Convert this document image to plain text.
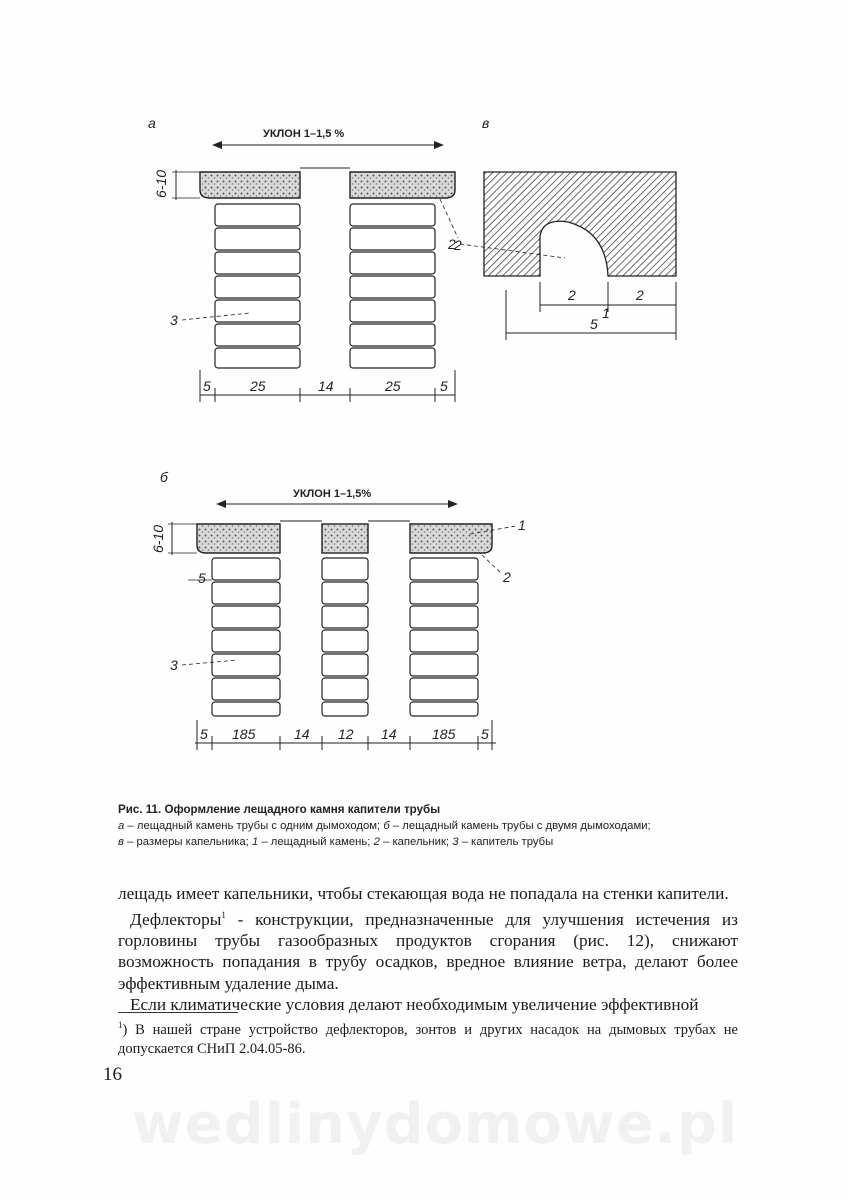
а
УКЛОН 1–1,5 %
6-10
3
2
5	25	14	25	5
в
2
2	2
1
5
б
УКЛОН 1–1,5%
6-10	1
2
5
3
5 185	14 12 14	185 5
Рис. 11. Оформление лещадного камня капители трубы
а – лещадный камень трубы с одним дымоходом; б – лещадный камень трубы с двумя дымоходами;
в – размеры капельника; 1 – лещадный камень; 2 – капельник; 3 – капитель трубы

лещадь имеет капельники, чтобы стекающая вода не попадала на стенки капители.

Дефлекторы$^1$ - конструкции, предназначенные для улучшения истечения из горловины трубы газообразных продуктов сгорания (рис. 12), снижают возможность попадания в трубу осадков, вредное влияние ветра, делают более эффективным удаление дыма.

Если климатические условия делают необходимым увеличение эффективной

$^1$) В нашей стране устройство дефлекторов, зонтов и других насадок на дымовых трубах не допускается СНиП 2.04.05-86.
16
wedlinydomowe.pl
